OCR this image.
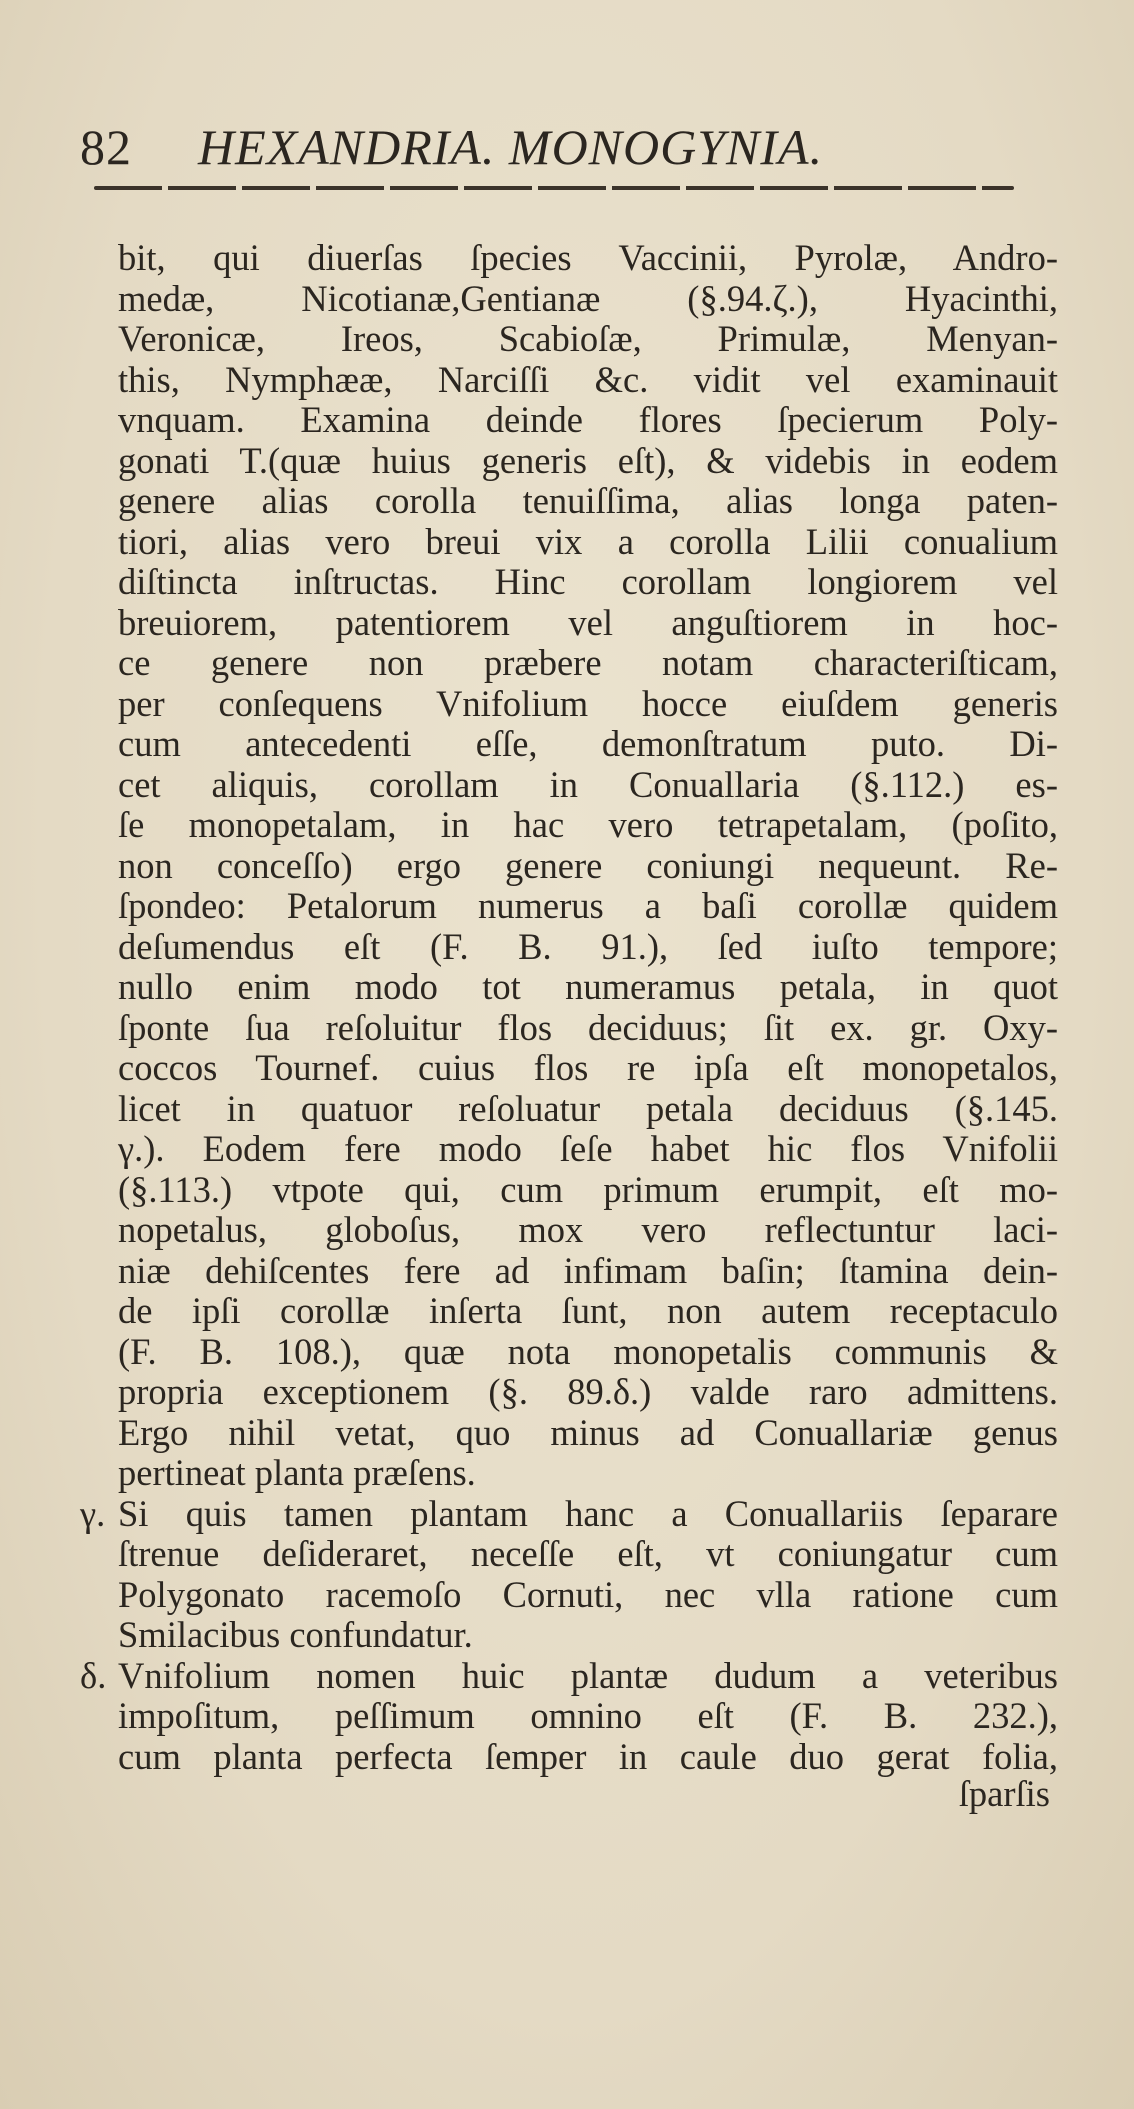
82 HEXANDRIA. MONOGYNIA.
bit, qui diuerſas ſpecies Vaccinii, Pyrolæ, Andro-
medæ, Nicotianæ,Gentianæ (§.94.ζ.), Hyacinthi,
Veronicæ, Ireos, Scabioſæ, Primulæ, Menyan-
this, Nymphææ, Narciſſi &c. vidit vel examinauit
vnquam. Examina deinde flores ſpecierum Poly-
gonati T.(quæ huius generis eſt), & videbis in eodem
genere alias corolla tenuiſſima, alias longa paten-
tiori, alias vero breui vix a corolla Lilii conualium
diſtincta inſtructas. Hinc corollam longiorem vel
breuiorem, patentiorem vel anguſtiorem in hoc-
ce genere non præbere notam characteriſticam,
per conſequens Vnifolium hocce eiuſdem generis
cum antecedenti eſſe, demonſtratum puto. Di-
cet aliquis, corollam in Conuallaria (§.112.) es-
ſe monopetalam, in hac vero tetrapetalam, (poſito,
non conceſſo) ergo genere coniungi nequeunt. Re-
ſpondeo: Petalorum numerus a baſi corollæ quidem
deſumendus eſt (F. B. 91.), ſed iuſto tempore;
nullo enim modo tot numeramus petala, in quot
ſponte ſua reſoluitur flos deciduus; ſit ex. gr. Oxy-
coccos Tournef. cuius flos re ipſa eſt monopetalos,
licet in quatuor reſoluatur petala deciduus (§.145.
γ.). Eodem fere modo ſeſe habet hic flos Vnifolii
(§.113.) vtpote qui, cum primum erumpit, eſt mo-
nopetalus, globoſus, mox vero reflectuntur laci-
niæ dehiſcentes fere ad infimam baſin; ſtamina dein-
de ipſi corollæ inſerta ſunt, non autem receptaculo
(F. B. 108.), quæ nota monopetalis communis &
propria exceptionem (§. 89.δ.) valde raro admittens.
Ergo nihil vetat, quo minus ad Conuallariæ genus
pertineat planta præſens.
γ. Si quis tamen plantam hanc a Conuallariis ſeparare
ſtrenue deſideraret, neceſſe eſt, vt coniungatur cum
Polygonato racemoſo Cornuti, nec vlla ratione cum
Smilacibus confundatur.
δ. Vnifolium nomen huic plantæ dudum a veteribus
impoſitum, peſſimum omnino eſt (F. B. 232.),
cum planta perfecta ſemper in caule duo gerat folia,
ſparſis
